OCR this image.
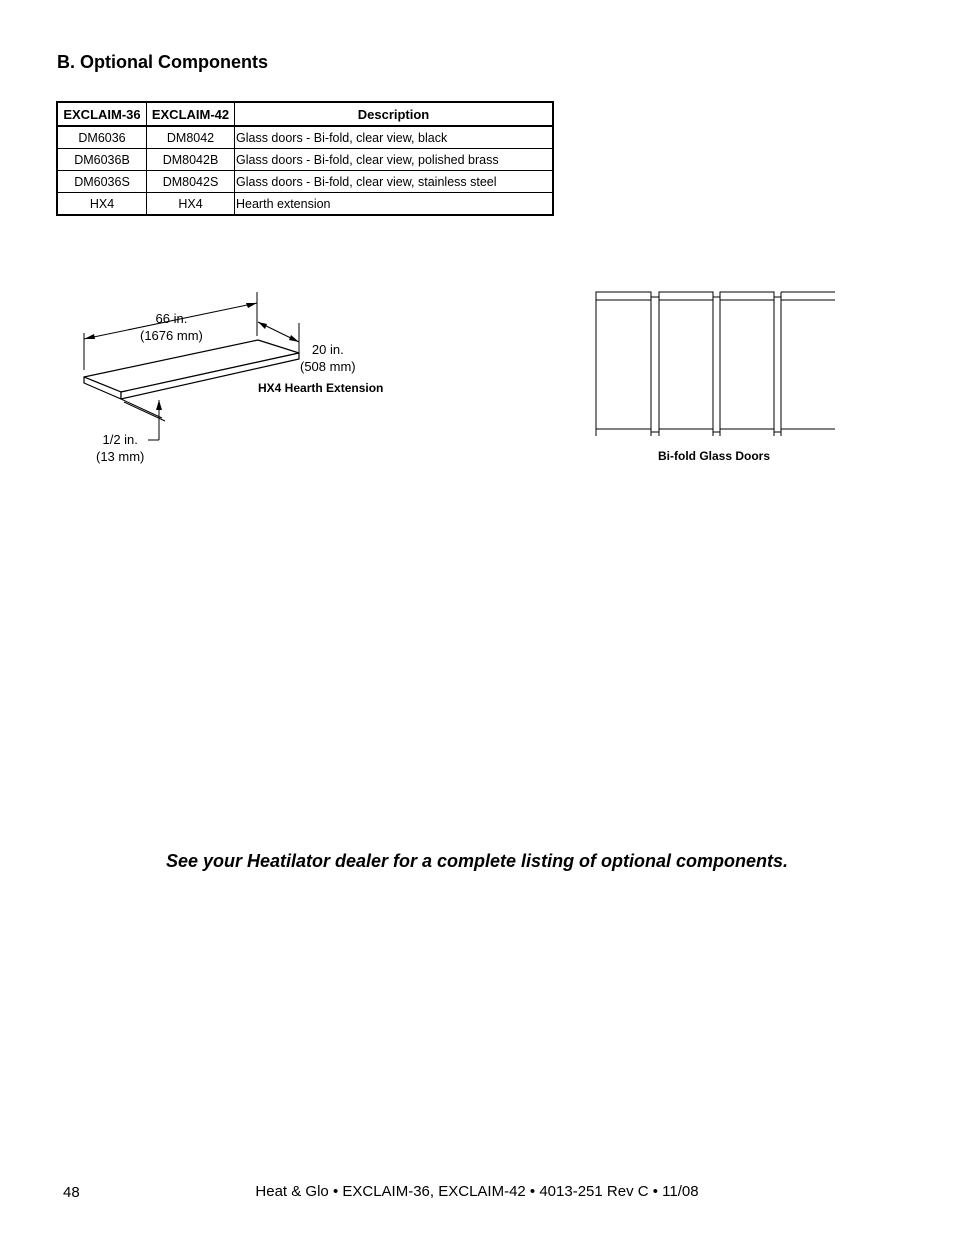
B. Optional Components
EXCLAIM-36	EXCLAIM-42	Description
DM6036	DM8042	Glass doors - Bi-fold, clear view, black
DM6036B	DM8042B	Glass doors - Bi-fold, clear view, polished brass
DM6036S	DM8042S	Glass doors - Bi-fold, clear view, stainless steel
HX4	HX4	Hearth extension
66 in.
(1676 mm)
20 in.
(508 mm)
1/2 in.
(13 mm)
HX4 Hearth Extension
Bi-fold Glass Doors
See your Heatilator dealer for a complete listing of optional components.
48	Heat & Glo • EXCLAIM-36, EXCLAIM-42 • 4013-251 Rev C • 11/08
